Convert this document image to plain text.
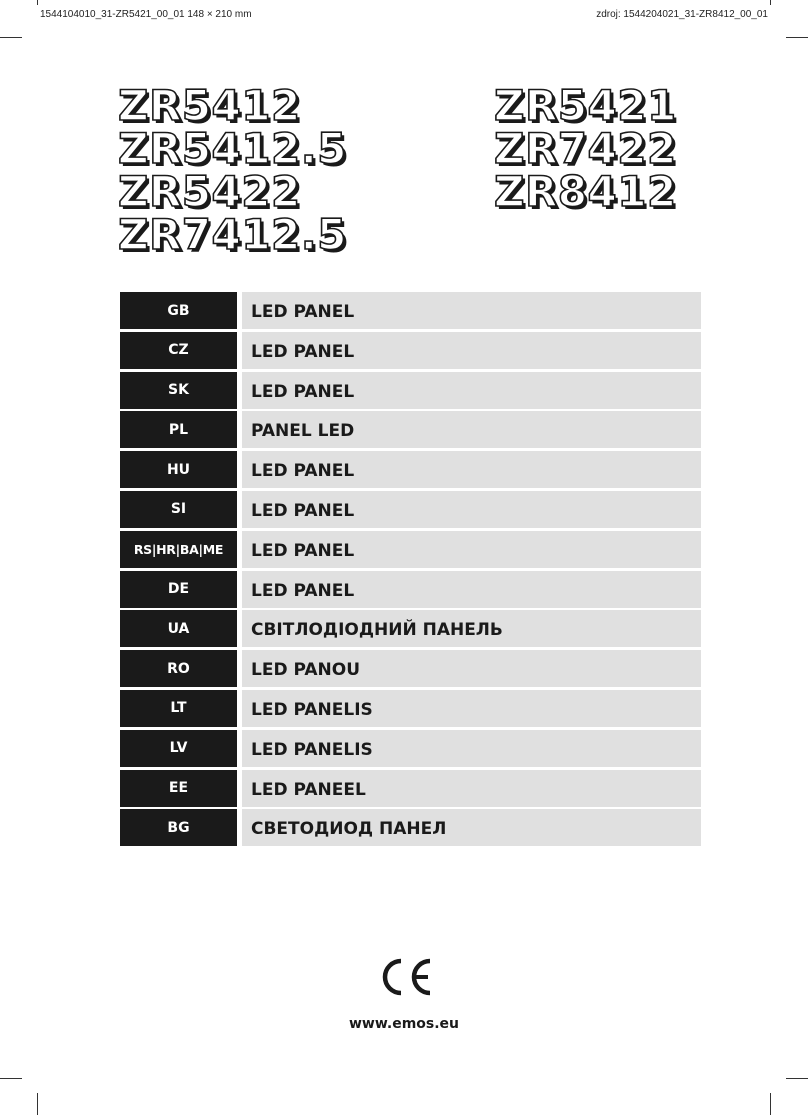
1544104010_31-ZR5421_00_01 148 × 210 mm	zdroj: 1544204021_31-ZR8412_00_01
ZR5412
ZR5412.5
ZR5422
ZR7412.5
ZR5421
ZR7422
ZR8412
GB	LED PANEL
CZ	LED PANEL
SK	LED PANEL
PL	PANEL LED
HU	LED PANEL
SI	LED PANEL
RS|HR|BA|ME	LED PANEL
DE	LED PANEL
UA	СВІТЛОДІОДНИЙ ПАНЕЛЬ
RO	LED PANOU
LT	LED PANELIS
LV	LED PANELIS
EE	LED PANEEL
BG	СВЕТОДИОД ПАНЕЛ
www.emos.eu
